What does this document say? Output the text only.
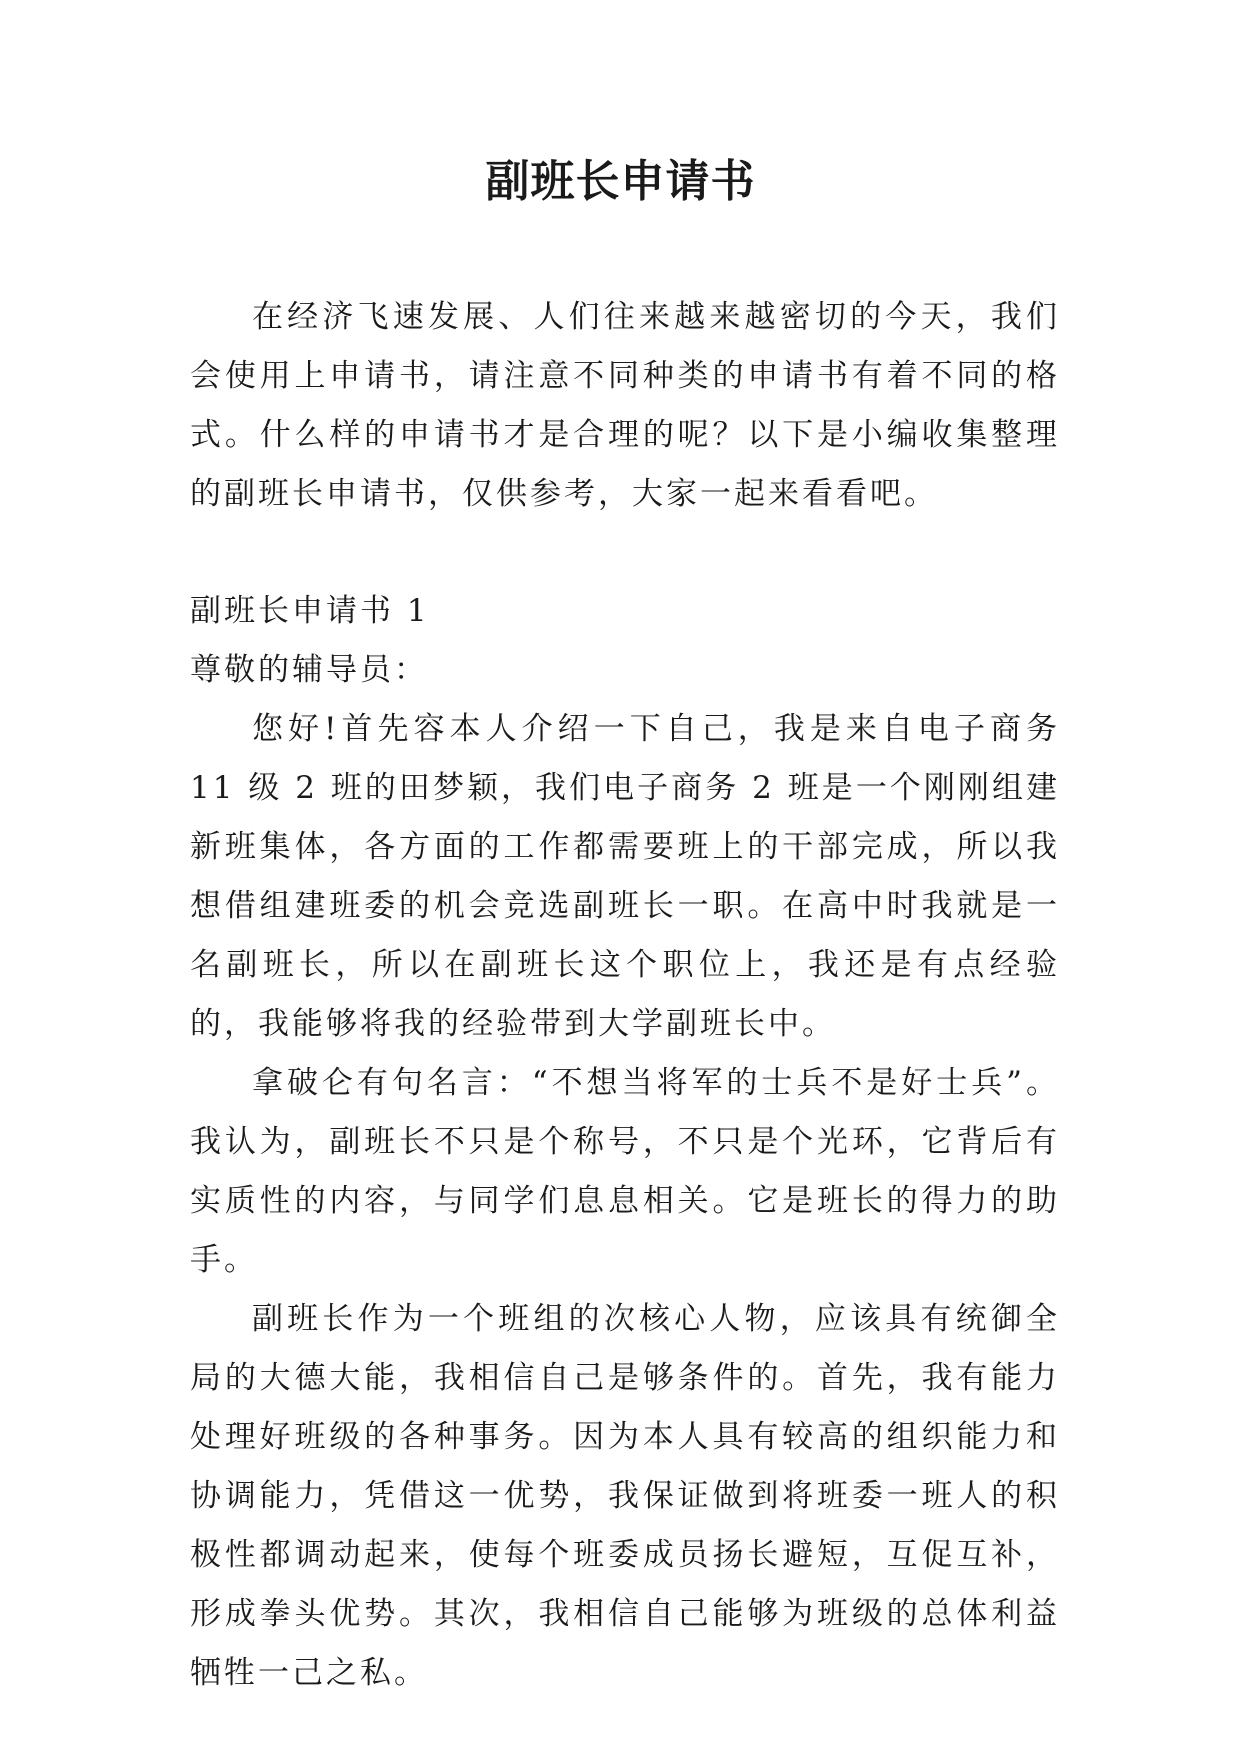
副班长申请书

在经济飞速发展、人们往来越来越密切的今天，我们会使用上申请书，请注意不同种类的申请书有着不同的格式。什么样的申请书才是合理的呢？以下是小编收集整理的副班长申请书，仅供参考，大家一起来看看吧。

副班长申请书 1

尊敬的辅导员：

您好!首先容本人介绍一下自己，我是来自电子商务 11 级 2 班的田梦颖，我们电子商务 2 班是一个刚刚组建新班集体，各方面的工作都需要班上的干部完成，所以我想借组建班委的机会竞选副班长一职。在高中时我就是一名副班长，所以在副班长这个职位上，我还是有点经验的，我能够将我的经验带到大学副班长中。

拿破仑有句名言：“不想当将军的士兵不是好士兵”。我认为，副班长不只是个称号，不只是个光环，它背后有实质性的内容，与同学们息息相关。它是班长的得力的助手。

副班长作为一个班组的次核心人物，应该具有统御全局的大德大能，我相信自己是够条件的。首先，我有能力处理好班级的各种事务。因为本人具有较高的组织能力和协调能力，凭借这一优势，我保证做到将班委一班人的积极性都调动起来，使每个班委成员扬长避短，互促互补，形成拳头优势。其次，我相信自己能够为班级的总体利益牺牲一己之私。
